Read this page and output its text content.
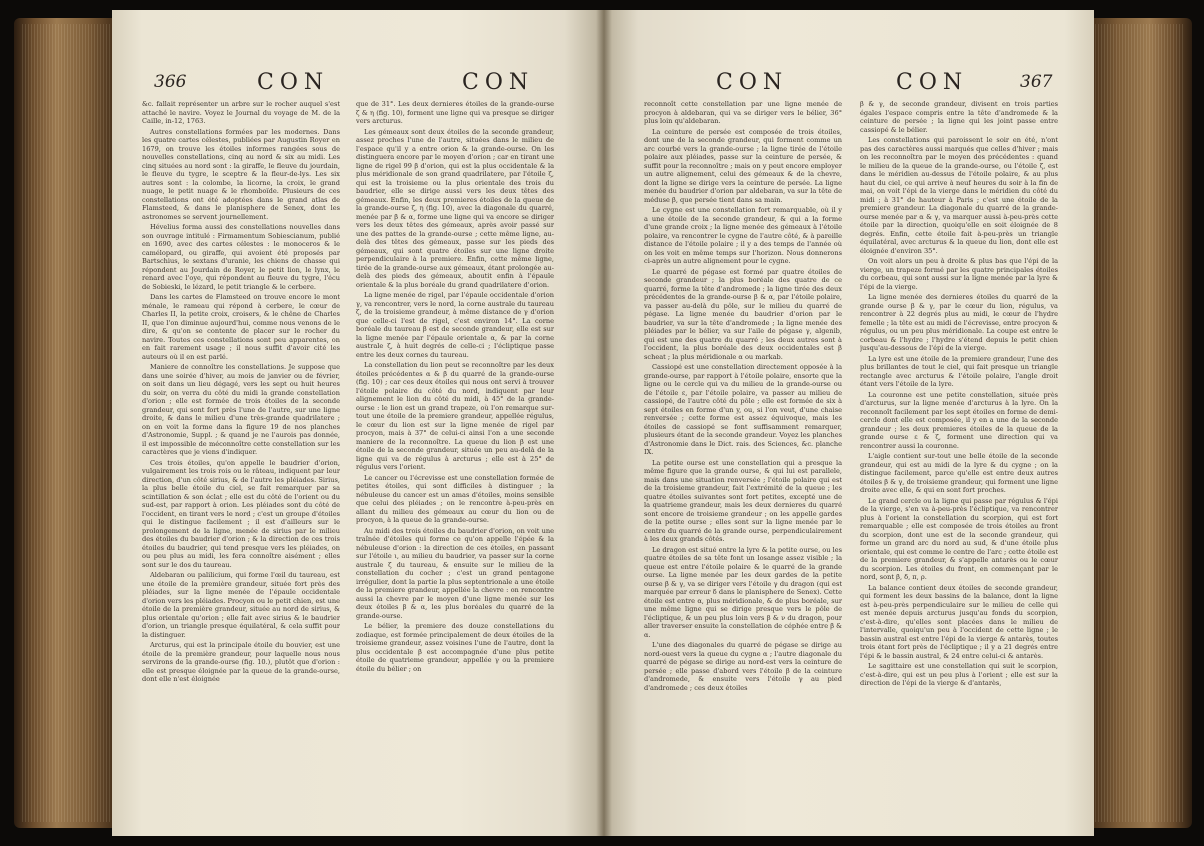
366	CON	CON

&c. fallait représenter un arbre sur le rocher auquel s'est attaché le navire. Voyez le Journal du voyage de M. de la Caille, in-12, 1763.

Autres constellations formées par les modernes. Dans les quatre cartes célestes, publiées par Augustin Royer en 1679, on trouve les étoiles informes rangées sous de nouvelles constellations, cinq au nord & six au midi. Les cinq situées au nord sont : la giraffe, le fleuve du jourdain, le fleuve du tygre, le sceptre & la fleur-de-lys. Les six autres sont : la colombe, la licorne, la croix, le grand nuage, le petit nuage & le rhomboïde. Plusieurs de ces constellations ont été adoptées dans le grand atlas de Flamsteed, & dans le planisphere de Senex, dont les astronomes se servent journellement.

Hévelius forma aussi des constellations nouvelles dans son ouvrage intitulé : Firmamentum Sobiescianum, publié en 1690, avec des cartes célestes : le monoceros & le camélopard, ou giraffe, qui avoient été proposés par Bartschius, le sextans d'uranie, les chiens de chasse qui répondent au Jourdain de Royer, le petit lion, le lynx, le renard avec l'oye, qui répondent au fleuve du tygre, l'écu de Sobieski, le lézard, le petit triangle & le cerbere.

Dans les cartes de Flamsteed on trouve encore le mont ménale, le rameau qui répond à cerbere, le cœur de Charles II, la petite croix, croisers, & le chêne de Charles II, que l'on diminue aujourd'hui, comme nous venons de le dire, & qu'on se contente de placer sur le rocher du navire. Toutes ces constellations sont peu apparentes, on en fait rarement usage ; il nous suffit d'avoir cité les auteurs où il en est parlé.

Maniere de connoître les constellations. Je suppose que dans une soirée d'hiver, au mois de janvier ou de février, on soit dans un lieu dégagé, vers les sept ou huit heures du soir, on verra du côté du midi la grande constellation d'orion ; elle est formée de trois étoiles de la seconde grandeur, qui sont fort près l'une de l'autre, sur une ligne droite, & dans le milieu d'une très-grande quadrilatere ; on en voit la forme dans la figure 19 de nos planches d'Astronomie, Suppl. ; & quand je ne l'aurois pas donnée, il est impossible de méconnoître cette constellation sur les caractères que je viens d'indiquer.

Ces trois étoiles, qu'on appelle le baudrier d'orion, vulgairement les trois rois ou le râteau, indiquent par leur direction, d'un côté sirius, & de l'autre les pléiades. Sirius, la plus belle étoile du ciel, se fait remarquer par sa scintillation & son éclat ; elle est du côté de l'orient ou du sud-est, par rapport à orion. Les pléiades sont du côté de l'occident, en tirant vers le nord ; c'est un groupe d'étoiles qui le distingue facilement ; il est d'ailleurs sur le prolongement de la ligne, menée de sirius par le milieu des étoiles du baudrier d'orion ; & la direction de ces trois étoiles du baudrier, qui tend presque vers les pléiades, on ou peu plus au midi, les fera connoître aisément ; elles sont sur le dos du taureau.

Aldebaran ou palilicium, qui forme l'œil du taureau, est une étoile de la première grandeur, située fort près des pléiades, sur la ligne menée de l'épaule occidentale d'orion vers les pléiades. Procyon ou le petit chien, est une étoile de la première grandeur, située au nord de sirius, & plus orientale qu'orion ; elle fait avec sirius & le baudrier d'orion, un triangle presque équilatéral, & cela suffit pour la distinguer.

Arcturus, qui est la principale étoile du bouvier, est une étoile de la première grandeur, pour laquelle nous nous servirons de la grande-ourse (fig. 10.), plutôt que d'orion : elle est presque éloignée par la queue de la grande-ourse, dont elle n'est éloignée

que de 31°. Les deux dernieres étoiles de la grande-ourse ζ & η (fig. 10), forment une ligne qui va presque se diriger vers arcturus.

Les gémeaux sont deux étoiles de la seconde grandeur, assez proches l'une de l'autre, situées dans le milieu de l'espace qu'il y a entre orion & la grande-ourse. On les distinguera encore par le moyen d'orion ; car en tirant une ligne de rigel 99 β d'orion, qui est la plus occidentale & la plus méridionale de son grand quadrilatere, par l'étoile ζ, qui est la troisieme ou la plus orientale des trois du baudrier, elle se dirige aussi vers les deux têtes des gémeaux. Enfin, les deux premieres étoiles de la queue de la grande-ourse ζ, η (fig. 10), avec la diagonale du quarré, menée par β & α, forme une ligne qui va encore se diriger vers les deux têtes des gémeaux, après avoir passé sur une des pattes de la grande-ourse ; cette même ligne, au-delà des têtes des gémeaux, passe sur les pieds des gémeaux, qui sont quatre étoiles sur une ligne droite perpendiculaire à la premiere. Enfin, cette même ligne, tirée de la grande-ourse aux gémeaux, étant prolongée au-delà des pieds des gémeaux, aboutit enfin à l'épaule orientale & la plus boréale du grand quadrilatere d'orion.

La ligne menée de rigel, par l'épaule occidentale d'orion γ, va rencontrer, vers le nord, la corne australe du taureau ζ, de la troisieme grandeur, à même distance de γ d'orion que celle-ci l'est de rigel, c'est environ 14°. La corne boréale du taureau β est de seconde grandeur, elle est sur la ligne menée par l'épaule orientale α, & par la corne australe ζ, à huit degrés de celle-ci ; l'écliptique passe entre les deux cornes du taureau.

La constellation du lion peut se reconnoître par les deux étoiles précédentes α & β du quarré de la grande-ourse (fig. 10) ; car ces deux étoiles qui nous ont servi à trouver l'étoile polaire du côté du nord, indiquent par leur alignement le lion du côté du midi, à 45° de la grande-ourse : le lion est un grand trapeze, où l'on remarque sur-tout une étoile de la premiere grandeur, appellée régulus, le cœur du lion est sur la ligne menée de rigel par procyon, mais à 37° de celui-ci ainsi l'on a une seconde maniere de la reconnoître. La queue du lion β est une étoile de la seconde grandeur, située un peu au-delà de la ligne qui va de régulus à arcturus ; elle est à 25° de régulus vers l'orient.

Le cancer ou l'écrevisse est une constellation formée de petites étoiles, qui sont difficiles à distinguer ; la nébuleuse du cancer est un amas d'étoiles, moins sensible que celui des pléiades ; on le rencontre à-peu-près en allant du milieu des gémeaux au cœur du lion ou de procyon, à la queue de la grande-ourse.

Au midi des trois étoiles du baudrier d'orion, on voit une traînée d'étoiles qui forme ce qu'on appelle l'épée & la nébuleuse d'orion : la direction de ces étoiles, en passant sur l'étoile ι, au milieu du baudrier, va passer sur la corne australe ζ du taureau, & ensuite sur le milieu de la constellation du cocher ; c'est un grand pentagone irrégulier, dont la partie la plus septentrionale a une étoile de la premiere grandeur, appellée la chevre : on rencontre aussi la chevre par le moyen d'une ligne menée sur les deux étoiles β & α, les plus boréales du quarré de la grande-ourse.

Le bélier, la premiere des douze constellations du zodiaque, est formée principalement de deux étoiles de la troisieme grandeur, assez voisines l'une de l'autre, dont la plus occidentale β est accompagnée d'une plus petite étoile de quatrieme grandeur, appellée γ ou la premiere étoile du bélier ; on

CON	CON	367

reconnoît cette constellation par une ligne menée de procyon à aldebaran, qui va se diriger vers le bélier, 36° plus loin qu'aldebaran.

La ceinture de persée est composée de trois étoiles, dont une de la seconde grandeur, qui forment comme un arc courbé vers la grande-ourse ; la ligne tirée de l'étoile polaire aux pléiades, passe sur la ceinture de persée, & suffit pour la reconnoître ; mais on y peut encore employer un autre alignement, celui des gémeaux & de la chevre, dont la ligne se dirige vers la ceinture de persée. La ligne menée du baudrier d'orion par aldebaran, va sur la tête de méduse β, que persée tient dans sa main.

Le cygne est une constellation fort remarquable, où il y a une étoile de la seconde grandeur, & qui a la forme d'une grande croix ; la ligne menée des gémeaux à l'étoile polaire, va rencontrer le cygne de l'autre côté, & à pareille distance de l'étoile polaire ; il y a des temps de l'année où on les voit en même temps sur l'horizon. Nous donnerons ci-après un autre alignement pour le cygne.

Le quarré de pégase est formé par quatre étoiles de seconde grandeur ; la plus boréale des quatre de ce quarré, forme la tête d'andromede ; la ligne tirée des deux précédentes de la grande-ourse β & α, par l'étoile polaire, va passer au-delà du pôle, sur le milieu du quarré de pégase. La ligne menée du baudrier d'orion par le baudrier, va sur la tête d'andromede ; la ligne menée des pléiades par le bélier, va sur l'aile de pégase γ, algenib, qui est une des quatre du quarré ; les deux autres sont à l'occident, la plus boréale des deux occidentales est β scheat ; la plus méridionale α ou markab.

Cassiopé est une constellation directement opposée à la grande-ourse, par rapport à l'étoile polaire, ensorte que la ligne ou le cercle qui va du milieu de la grande-ourse ou de l'étoile ε, par l'étoile polaire, va passer au milieu de cassiopé, de l'autre côté du pôle ; elle est formée de six à sept étoiles en forme d'un y, ou, si l'on veut, d'une chaise renversée ; cette forme est assez équivoque, mais les étoiles de cassiopé se font suffisamment remarquer, plusieurs étant de la seconde grandeur. Voyez les planches d'Astronomie dans le Dict. rais. des Sciences, &c. planche IX.

La petite ourse est une constellation qui a presque la même figure que la grande ourse, & qui lui est parallele, mais dans une situation renversée ; l'étoile polaire qui est de la troisieme grandeur, fait l'extrémité de la queue ; les quatre étoiles suivantes sont fort petites, excepté une de la quatrieme grandeur, mais les deux dernieres du quarré sont encore de troisieme grandeur ; on les appelle gardes de la petite ourse ; elles sont sur la ligne menée par le centre du quarré de la grande ourse, perpendiculairement à les deux grands côtés.

Le dragon est situé entre la lyre & la petite ourse, ou les quatre étoiles de sa tête font un losange assez visible ; la queue est entre l'étoile polaire & le quarré de la grande ourse. La ligne menée par les deux gardes de la petite ourse β & γ, va se diriger vers l'étoile γ du dragon (qui est marquée par erreur δ dans le planisphere de Senex). Cette étoile est entre α, plus méridionale, & de plus boréale, sur une même ligne qui se dirige presque vers le pôle de l'écliptique, & un peu plus loin vers β & ν du dragon, pour aller traverser ensuite la constellation de céphée entre β & α.

L'une des diagonales du quarré de pégase se dirige au nord-ouest vers la queue du cygne α ; l'autre diagonale du quarré de pégase se dirige au nord-est vers la ceinture de persée ; elle passe d'abord vers l'étoile β de la ceinture d'andromede, & ensuite vers l'étoile γ au pied d'andromede ; ces deux étoiles

β & γ, de seconde grandeur, divisent en trois parties égales l'espace compris entre la tête d'andromede & la ceinture de persée ; la ligne qui les joint passe entre cassiopé & le bélier.

Les constellations qui paroissent le soir en été, n'ont pas des caractères aussi marqués que celles d'hiver ; mais on les reconnoîtra par le moyen des précédentes : quand le milieu de la queue de la grande-ourse, ou l'étoile ζ, est dans le méridien au-dessus de l'étoile polaire, & au plus haut du ciel, ce qui arrive à neuf heures du soir à la fin de mai, on voit l'épi de la vierge dans le méridien du côté du midi ; à 31° de hauteur à Paris ; c'est une étoile de la premiere grandeur. La diagonale du quarré de la grande-ourse menée par α & γ, va marquer aussi à-peu-près cette étoile par la direction, quoiqu'elle en soit éloignée de 8 degrés. Enfin, cette étoile fait à-peu-près un triangle équilatéral, avec arcturus & la queue du lion, dont elle est éloignée d'environ 35°.

On voit alors un peu à droite & plus bas que l'épi de la vierge, un trapeze formé par les quatre principales étoiles du corbeau, qui sont aussi sur la ligne menée par la lyre & l'épi de la vierge.

La ligne menée des dernieres étoiles du quarré de la grande ourse β & γ, par le cœur du lion, régulus, va rencontrer à 22 degrés plus au midi, le cœur de l'hydre femelle ; la tête est au midi de l'écrevisse, entre procyon & régulus, ou un peu plus méridionale. La coupe est entre le corbeau & l'hydre ; l'hydre s'étend depuis le petit chien jusqu'au-dessous de l'épi de la vierge.

La lyre est une étoile de la premiere grandeur, l'une des plus brillantes de tout le ciel, qui fait presque un triangle rectangle avec arcturus & l'étoile polaire, l'angle droit étant vers l'étoile de la lyre.

La couronne est une petite constellation, située près d'arcturus, sur la ligne menée d'arcturus à la lyre. On la reconnoît facilement par les sept étoiles en forme de demi-cercle dont elle est composée, il y en a une de la seconde grandeur ; les deux premieres étoiles de la queue de la grande ourse ε & ζ, forment une direction qui va rencontrer aussi la couronne.

L'aigle contient sur-tout une belle étoile de la seconde grandeur, qui est au midi de la lyre & du cygne ; on la distingue facilement, parce qu'elle est entre deux autres étoiles β & γ, de troisieme grandeur, qui forment une ligne droite avec elle, & qui en sont fort proches.

Le grand cercle ou la ligne qui passe par régulus & l'épi de la vierge, s'en va à-peu-près l'écliptique, va rencontrer plus à l'orient la constellation du scorpion, qui est fort remarquable ; elle est composée de trois étoiles au front du scorpion, dont une est de la seconde grandeur, qui forme un grand arc du nord au sud, & d'une étoile plus orientale, qui est comme le centre de l'arc ; cette étoile est de la premiere grandeur, & s'appelle antarès ou le cœur du scorpion. Les étoiles du front, en commençant par le nord, sont β, δ, π, ρ.

La balance contient deux étoiles de seconde grandeur, qui forment les deux bassins de la balance, dont la ligne est à-peu-près perpendiculaire sur le milieu de celle qui est menée depuis arcturus jusqu'au fonds du scorpion, c'est-à-dire, qu'elles sont placées dans le milieu de l'intervalle, quoiqu'un peu à l'occident de cette ligne ; le bassin austral est entre l'épi de la vierge & antarès, toutes trois étant fort près de l'écliptique ; il y a 21 degrés entre l'épi & le bassin austral, & 24 entre celui-ci & antarès.

Le sagittaire est une constellation qui suit le scorpion, c'est-à-dire, qui est un peu plus à l'orient ; elle est sur la direction de l'épi de la vierge & d'antarès,
